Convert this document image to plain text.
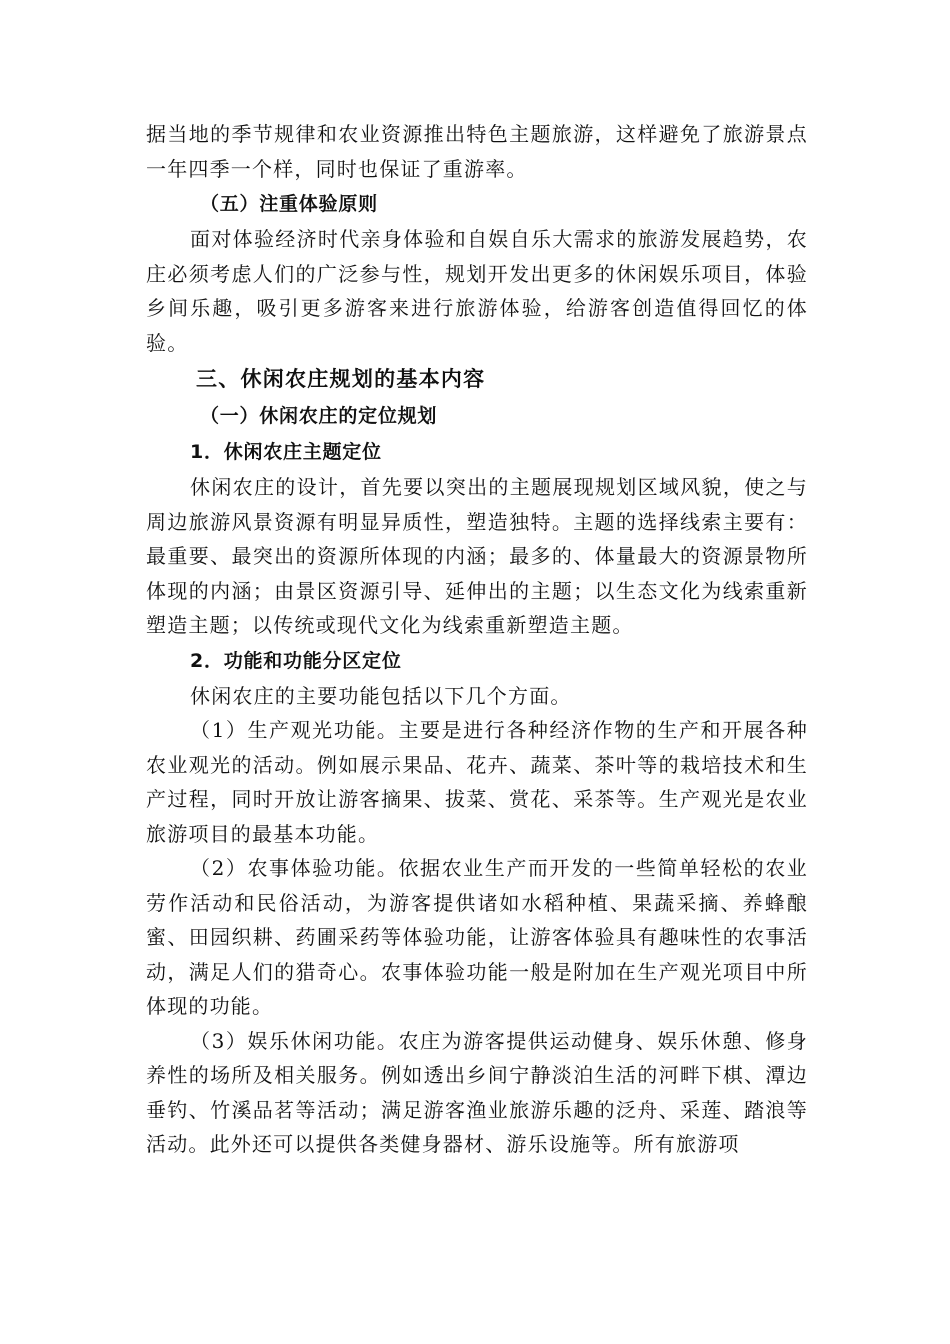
据当地的季节规律和农业资源推出特色主题旅游，这样避免了旅游景点一年四季一个样，同时也保证了重游率。

（五）注重体验原则

面对体验经济时代亲身体验和自娱自乐大需求的旅游发展趋势，农庄必须考虑人们的广泛参与性，规划开发出更多的休闲娱乐项目，体验乡间乐趣，吸引更多游客来进行旅游体验，给游客创造值得回忆的体验。

三、休闲农庄规划的基本内容

（一）休闲农庄的定位规划

1．休闲农庄主题定位

休闲农庄的设计，首先要以突出的主题展现规划区域风貌，使之与周边旅游风景资源有明显异质性，塑造独特。主题的选择线索主要有：最重要、最突出的资源所体现的内涵；最多的、体量最大的资源景物所体现的内涵；由景区资源引导、延伸出的主题；以生态文化为线索重新塑造主题；以传统或现代文化为线索重新塑造主题。

2．功能和功能分区定位

休闲农庄的主要功能包括以下几个方面。

（1）生产观光功能。主要是进行各种经济作物的生产和开展各种农业观光的活动。例如展示果品、花卉、蔬菜、茶叶等的栽培技术和生产过程，同时开放让游客摘果、拔菜、赏花、采茶等。生产观光是农业旅游项目的最基本功能。

（2）农事体验功能。依据农业生产而开发的一些简单轻松的农业劳作活动和民俗活动，为游客提供诸如水稻种植、果蔬采摘、养蜂酿蜜、田园织耕、药圃采药等体验功能，让游客体验具有趣味性的农事活动，满足人们的猎奇心。农事体验功能一般是附加在生产观光项目中所体现的功能。

（3）娱乐休闲功能。农庄为游客提供运动健身、娱乐休憩、修身养性的场所及相关服务。例如透出乡间宁静淡泊生活的河畔下棋、潭边垂钓、竹溪品茗等活动；满足游客渔业旅游乐趣的泛舟、采莲、踏浪等活动。此外还可以提供各类健身器材、游乐设施等。所有旅游项
